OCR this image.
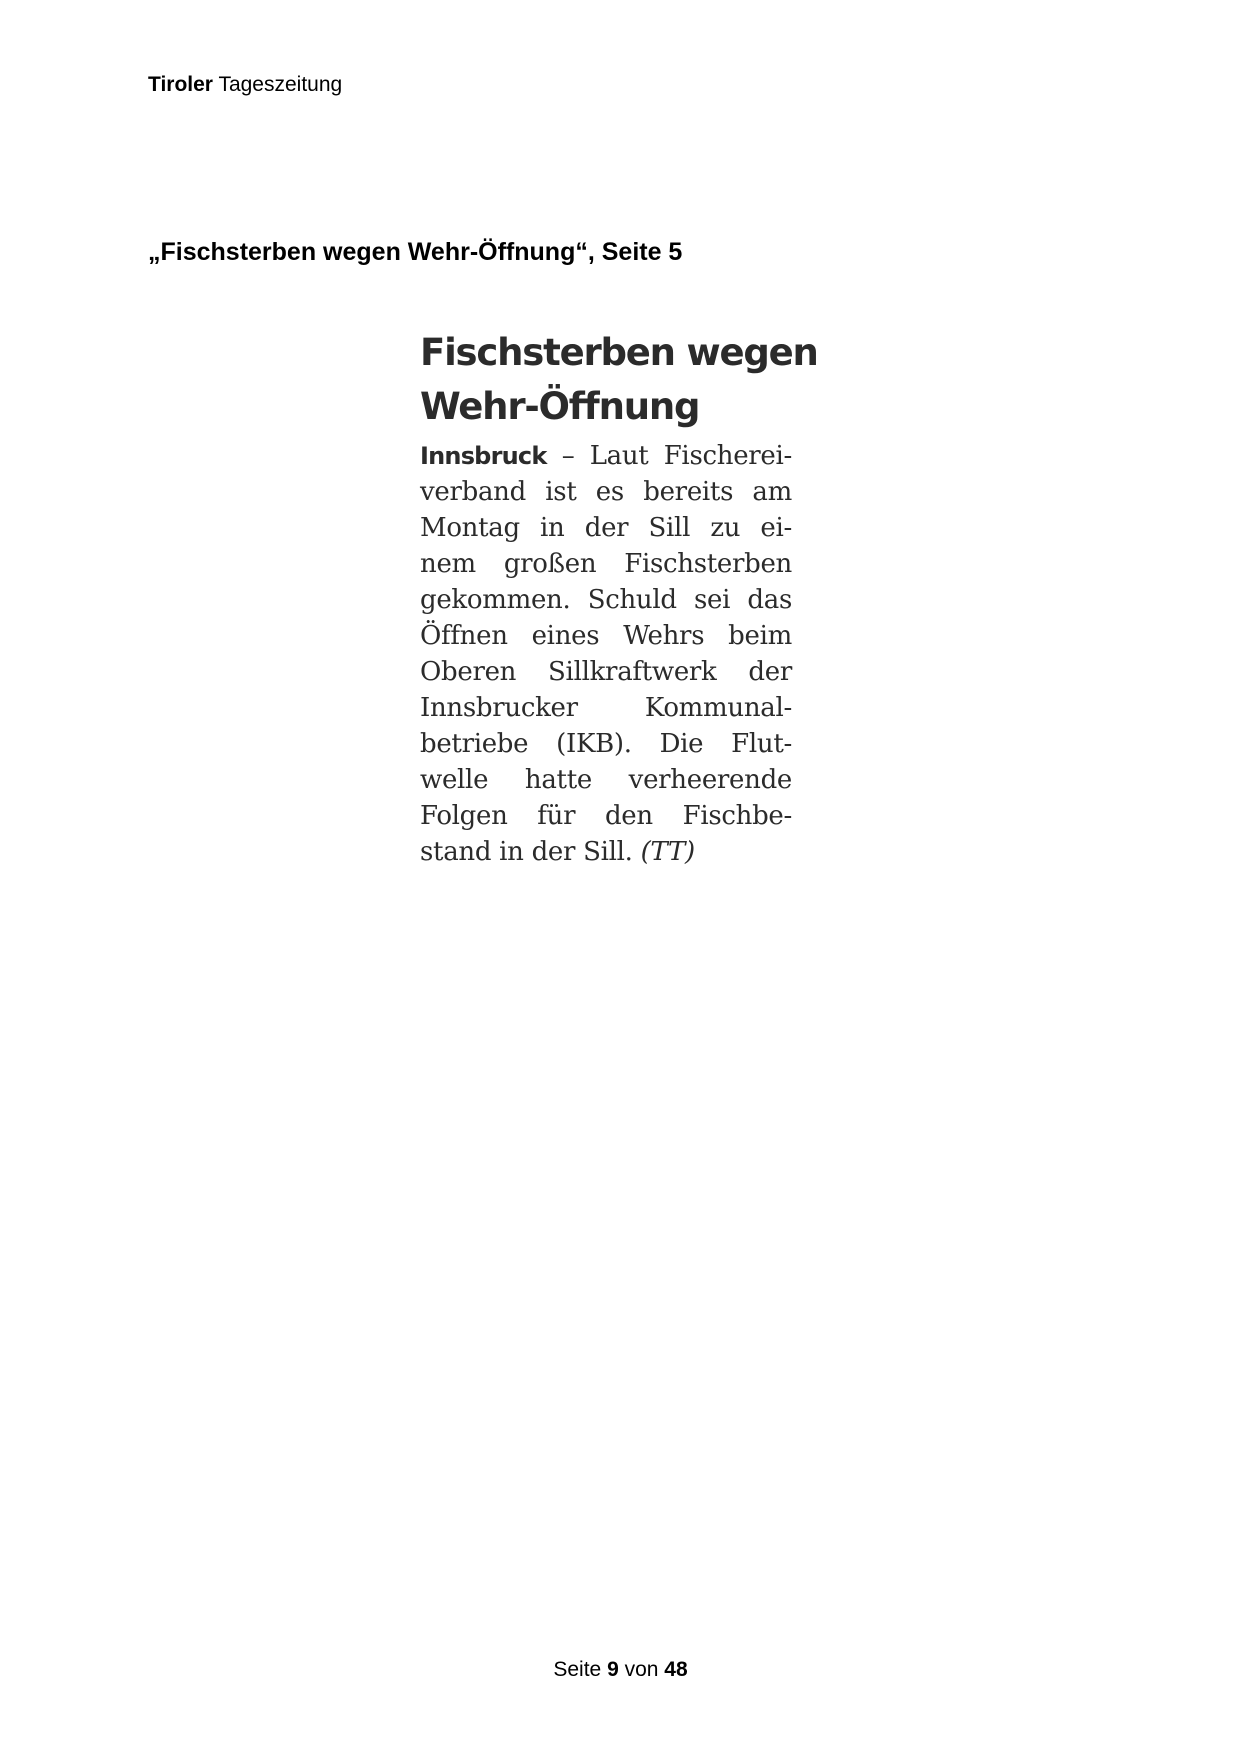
Tiroler Tageszeitung
„Fischsterben wegen Wehr-Öffnung“, Seite 5
Fischsterben wegen
Wehr-Öffnung
Innsbruck – Laut Fischerei-
verband ist es bereits am
Montag in der Sill zu ei-
nem großen Fischsterben
gekommen. Schuld sei das
Öffnen eines Wehrs beim
Oberen Sillkraftwerk der
Innsbrucker Kommunal-
betriebe (IKB). Die Flut-
welle hatte verheerende
Folgen für den Fischbe-
stand in der Sill. (TT)
Seite 9 von 48
